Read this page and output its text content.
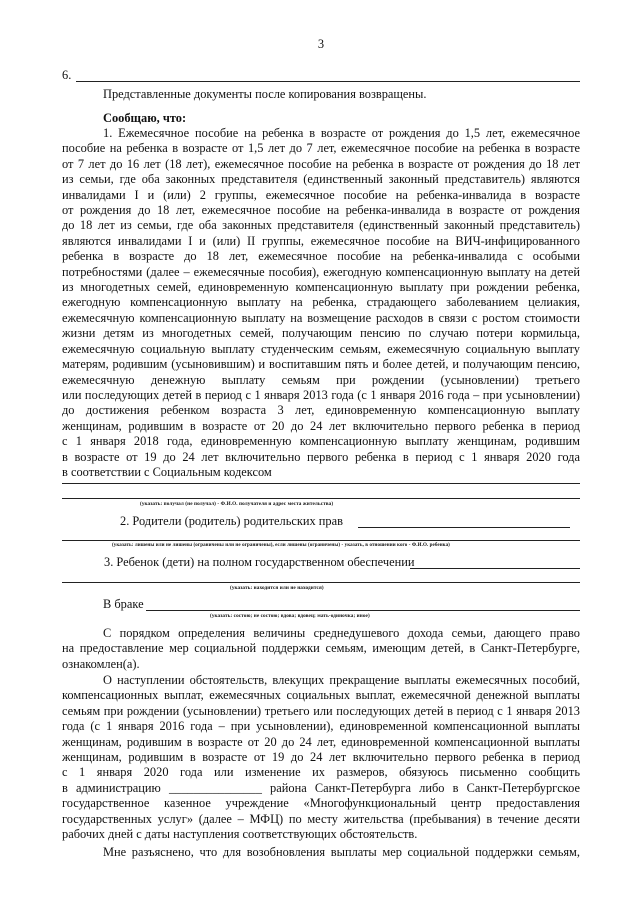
3
6.
Представленные документы после копирования возвращены.
Сообщаю, что:
1. Ежемесячное пособие на ребенка в возрасте от рождения до 1,5 лет, ежемесячное
пособие на ребенка в возрасте от 1,5 лет до 7 лет, ежемесячное пособие на ребенка в возрасте
от 7 лет до 16 лет (18 лет), ежемесячное пособие на ребенка в возрасте от рождения до 18 лет
из семьи, где оба законных представителя (единственный законный представитель) являются
инвалидами I и (или) 2 группы, ежемесячное пособие на ребенка-инвалида в возрасте
от рождения до 18 лет, ежемесячное пособие на ребенка-инвалида в возрасте от рождения
до 18 лет из семьи, где оба законных представителя (единственный законный представитель)
являются инвалидами I и (или) II группы, ежемесячное пособие на ВИЧ-инфицированного
ребенка в возрасте до 18 лет, ежемесячное пособие на ребенка-инвалида с особыми
потребностями (далее – ежемесячные пособия), ежегодную компенсационную выплату на детей
из многодетных семей, единовременную компенсационную выплату при рождении ребенка,
ежегодную компенсационную выплату на ребенка, страдающего заболеванием целиакия,
ежемесячную компенсационную выплату на возмещение расходов в связи с ростом стоимости
жизни детям из многодетных семей, получающим пенсию по случаю потери кормильца,
ежемесячную социальную выплату студенческим семьям, ежемесячную социальную выплату
матерям, родившим (усыновившим) и воспитавшим пять и более детей, и получающим пенсию,
ежемесячную денежную выплату семьям при рождении (усыновлении) третьего
или последующих детей в период с 1 января 2013 года (с 1 января 2016 года – при усыновлении)
до достижения ребенком возраста 3 лет, единовременную компенсационную выплату
женщинам, родившим в возрасте от 20 до 24 лет включительно первого ребенка в период
с 1 января 2018 года, единовременную компенсационную выплату женщинам, родившим
в возрасте от 19 до 24 лет включительно первого ребенка в период с 1 января 2020 года
в соответствии с Социальным кодексом
(указать: получал (не получал) - Ф.И.О. получателя и адрес места жительства)
2. Родители (родитель) родительских прав
(указать: лишены или не лишены (ограничены или не ограничены), если лишены (ограничены) - указать, в отношении кого - Ф.И.О. ребенка)
3. Ребенок (дети) на полном государственном обеспечении
(указать: находится или не находится)
В браке
(указать: состою; не состою; вдова; вдовец; мать-одиночка; иное)
С порядком определения величины среднедушевого дохода семьи, дающего право
на предоставление мер социальной поддержки семьям, имеющим детей, в Санкт-Петербурге,
ознакомлен(а).
О наступлении обстоятельств, влекущих прекращение выплаты ежемесячных пособий,
компенсационных выплат, ежемесячных социальных выплат, ежемесячной денежной выплаты
семьям при рождении (усыновлении) третьего или последующих детей в период с 1 января 2013
года (с 1 января 2016 года – при усыновлении), единовременной компенсационной выплаты
женщинам, родившим в возрасте от 20 до 24 лет, единовременной компенсационной выплаты
женщинам, родившим в возрасте от 19 до 24 лет включительно первого ребенка в период
с 1 января 2020 года или изменение их размеров, обязуюсь письменно сообщить
в администрацию _______________ района Санкт-Петербурга либо в Санкт-Петербургское
государственное казенное учреждение «Многофункциональный центр предоставления
государственных услуг» (далее – МФЦ) по месту жительства (пребывания) в течение десяти
рабочих дней с даты наступления соответствующих обстоятельств.
Мне разъяснено, что для возобновления выплаты мер социальной поддержки семьям,
